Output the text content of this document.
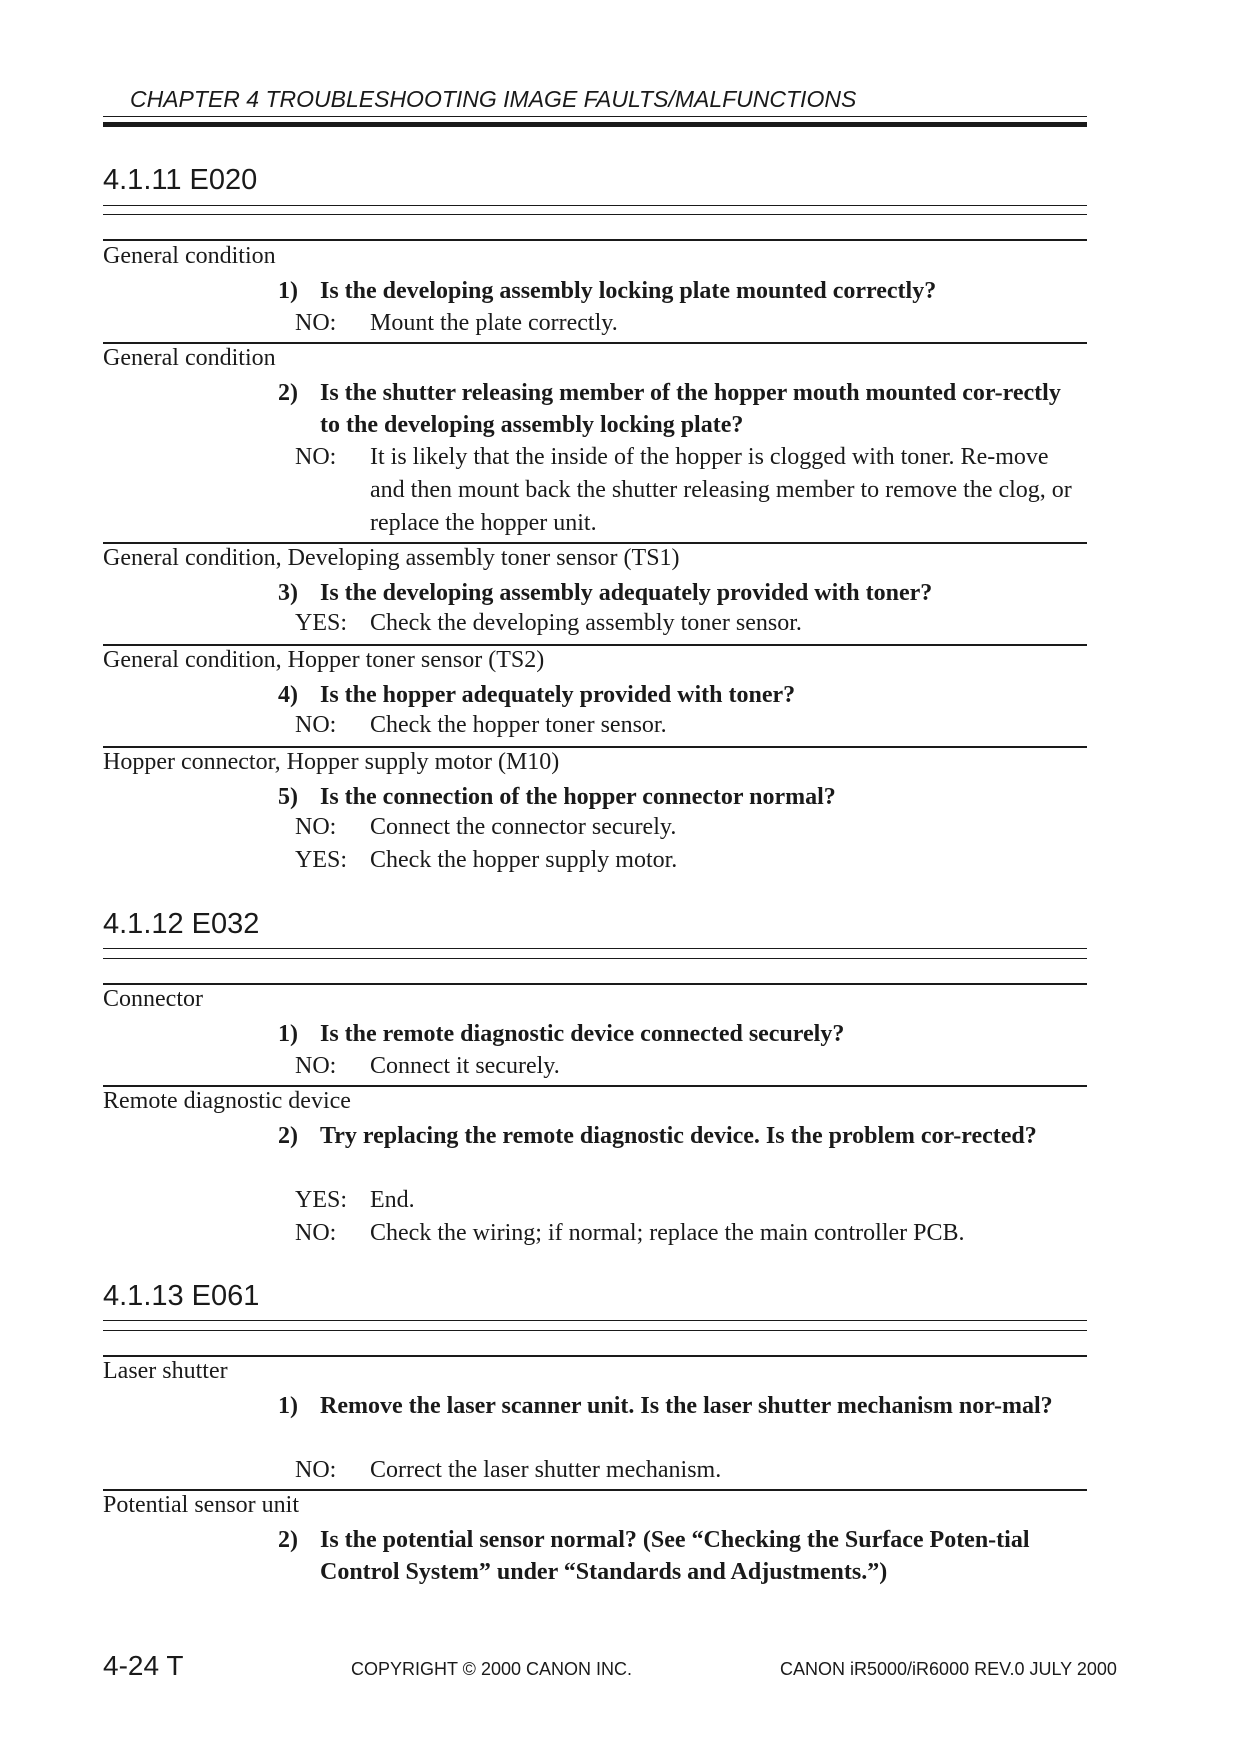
CHAPTER 4 TROUBLESHOOTING IMAGE FAULTS/MALFUNCTIONS
4.1.11 E020
General condition
1) Is the developing assembly locking plate mounted correctly?
NO: Mount the plate correctly.
General condition
2) Is the shutter releasing member of the hopper mouth mounted cor-rectly to the developing assembly locking plate?
NO: It is likely that the inside of the hopper is clogged with toner. Re-move and then mount back the shutter releasing member to remove the clog, or replace the hopper unit.
General condition, Developing assembly toner sensor (TS1)
3) Is the developing assembly adequately provided with toner?
YES: Check the developing assembly toner sensor.
General condition, Hopper toner sensor (TS2)
4) Is the hopper adequately provided with toner?
NO: Check the hopper toner sensor.
Hopper connector, Hopper supply motor (M10)
5) Is the connection of the hopper connector normal?
NO: Connect the connector securely.
YES: Check the hopper supply motor.
4.1.12 E032
Connector
1) Is the remote diagnostic device connected securely?
NO: Connect it securely.
Remote diagnostic device
2) Try replacing the remote diagnostic device. Is the problem cor-rected?
YES: End.
NO: Check the wiring; if normal; replace the main controller PCB.
4.1.13 E061
Laser shutter
1) Remove the laser scanner unit. Is the laser shutter mechanism nor-mal?
NO: Correct the laser shutter mechanism.
Potential sensor unit
2) Is the potential sensor normal? (See “Checking the Surface Poten-tial Control System” under “Standards and Adjustments.”)
4-24 T	COPYRIGHT © 2000 CANON INC.	CANON iR5000/iR6000 REV.0 JULY 2000
